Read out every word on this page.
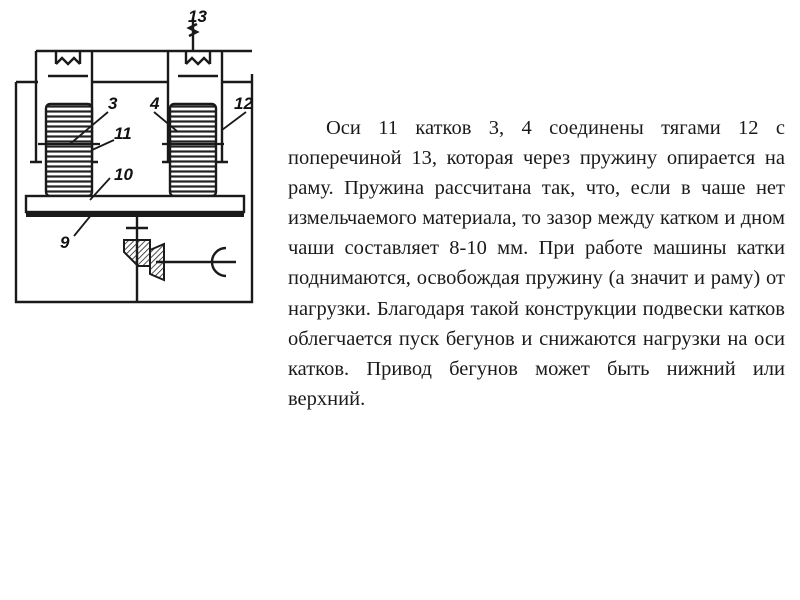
13
3 4	12
11
10
9

Оси 11 катков 3, 4 соединены тягами 12 с поперечиной 13, которая через пружину опирается на раму. Пружина рассчитана так, что, если в чаше нет измельчаемого материала, то зазор между катком и дном чаши составляет 8-10 мм. При работе машины катки поднимаются, освобождая пружину (а значит и раму) от нагрузки. Благодаря такой конструкции подвески катков облегчается пуск бегунов и снижаются нагрузки на оси катков. Привод бегунов может быть нижний или верхний.
